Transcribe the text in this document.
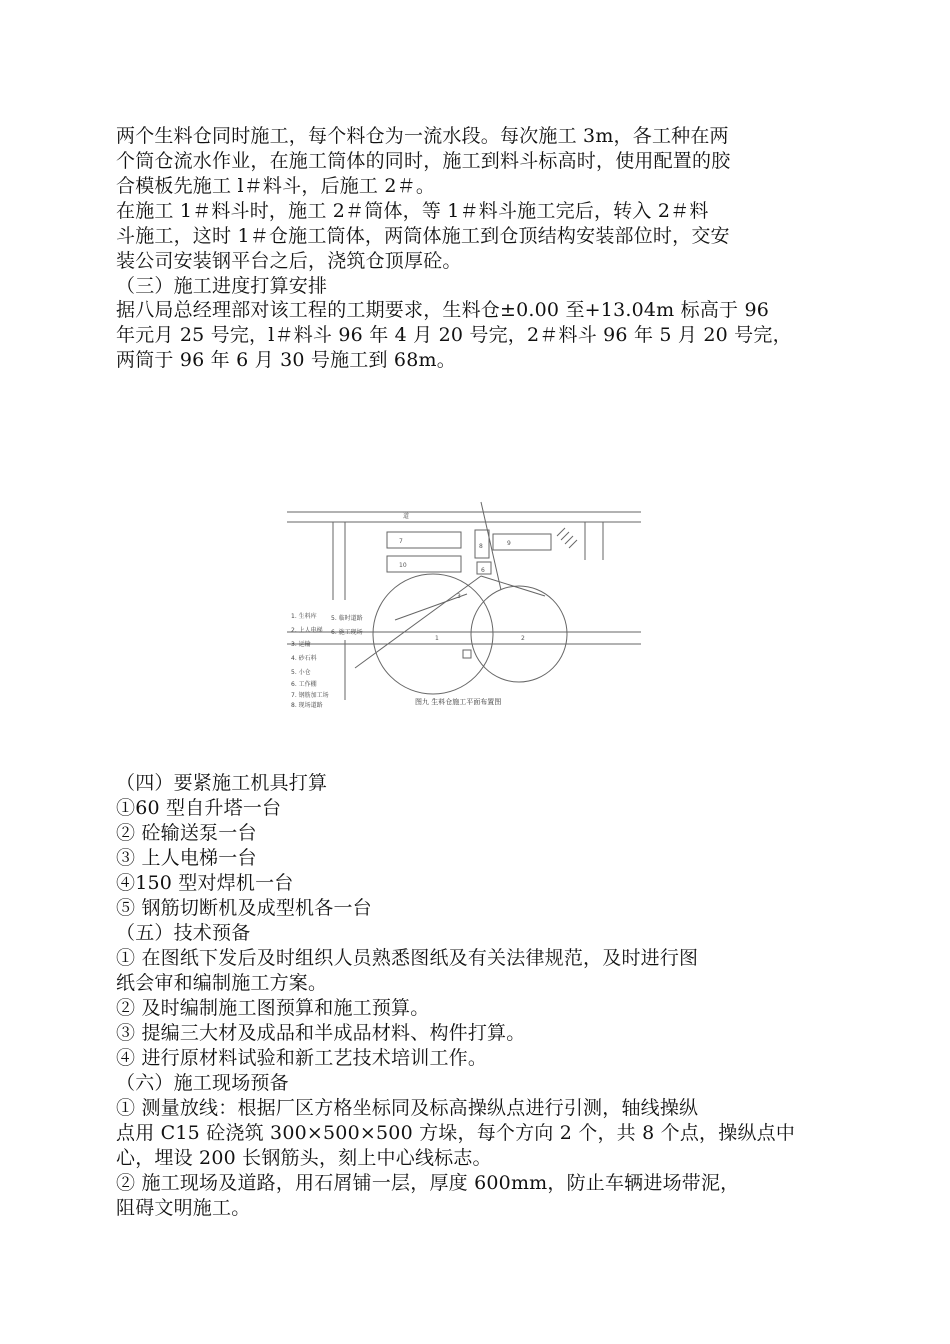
两个生料仓同时施工，每个料仓为一流水段。每次施工 3m，各工种在两
个筒仓流水作业，在施工筒体的同时，施工到料斗标高时，使用配置的胶
合模板先施工 l＃料斗，后施工 2＃。
在施工 1＃料斗时，施工 2＃筒体，等 1＃料斗施工完后，转入 2＃料
斗施工，这时 1＃仓施工筒体，两筒体施工到仓顶结构安装部位时，交安
装公司安装钢平台之后，浇筑仓顶厚砼。
（三）施工进度打算安排
据八局总经理部对该工程的工期要求，生料仓±0.00 至+13.04m 标高于 96
年元月 25 号完，l＃料斗 96 年 4 月 20 号完，2＃料斗 96 年 5 月 20 号完，
两筒于 96 年 6 月 30 号施工到 68m。
7
10
8	9
6
3
1	2
道
1. 生料库
2. 上人电梯
3. 运输
4. 砂石料
5. 小仓
6. 工作棚
7. 钢筋加工场
8. 现场道路
5. 临时道路
6. 施工现场
图九 生料仓施工平面布置图
（四）要紧施工机具打算
①60 型自升塔一台
② 砼输送泵一台
③ 上人电梯一台
④150 型对焊机一台
⑤ 钢筋切断机及成型机各一台
（五）技术预备
① 在图纸下发后及时组织人员熟悉图纸及有关法律规范，及时进行图
纸会审和编制施工方案。
② 及时编制施工图预算和施工预算。
③ 提编三大材及成品和半成品材料、构件打算。
④ 进行原材料试验和新工艺技术培训工作。
（六）施工现场预备
① 测量放线：根据厂区方格坐标同及标高操纵点进行引测，轴线操纵
点用 C15 砼浇筑 300×500×500 方垛，每个方向 2 个，共 8 个点，操纵点中
心，埋设 200 长钢筋头，刻上中心线标志。
② 施工现场及道路，用石屑铺一层，厚度 600mm，防止车辆进场带泥，
阻碍文明施工。
